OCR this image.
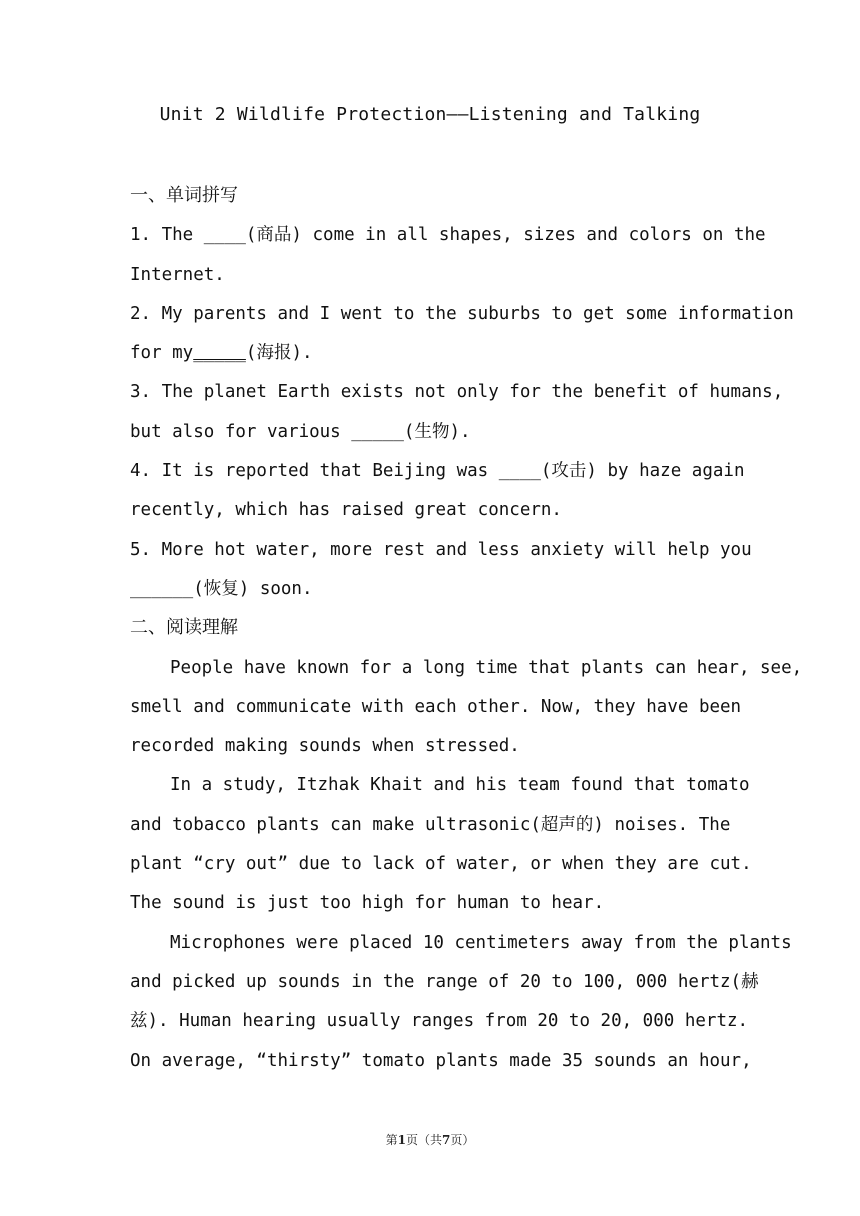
Unit 2 Wildlife Protection——Listening and Talking
一、单词拼写
1. The ____(商品) come in all shapes, sizes and colors on the
Internet.
2. My parents and I went to the suburbs to get some information
for my_____(海报).
3. The planet Earth exists not only for the benefit of humans,
but also for various _____(生物).
4. It is reported that Beijing was ____(攻击) by haze again
recently, which has raised great concern.
5. More hot water, more rest and less anxiety will help you
______(恢复) soon.
二、阅读理解
People have known for a long time that plants can hear, see,
smell and communicate with each other. Now, they have been
recorded making sounds when stressed.
In a study, Itzhak Khait and his team found that tomato
and tobacco plants can make ultrasonic(超声的) noises. The
plant “cry out” due to lack of water, or when they are cut.
The sound is just too high for human to hear.
Microphones were placed 10 centimeters away from the plants
and picked up sounds in the range of 20 to 100, 000 hertz(赫
兹). Human hearing usually ranges from 20 to 20, 000 hertz.
On average, “thirsty” tomato plants made 35 sounds an hour,
第1页（共7页）
